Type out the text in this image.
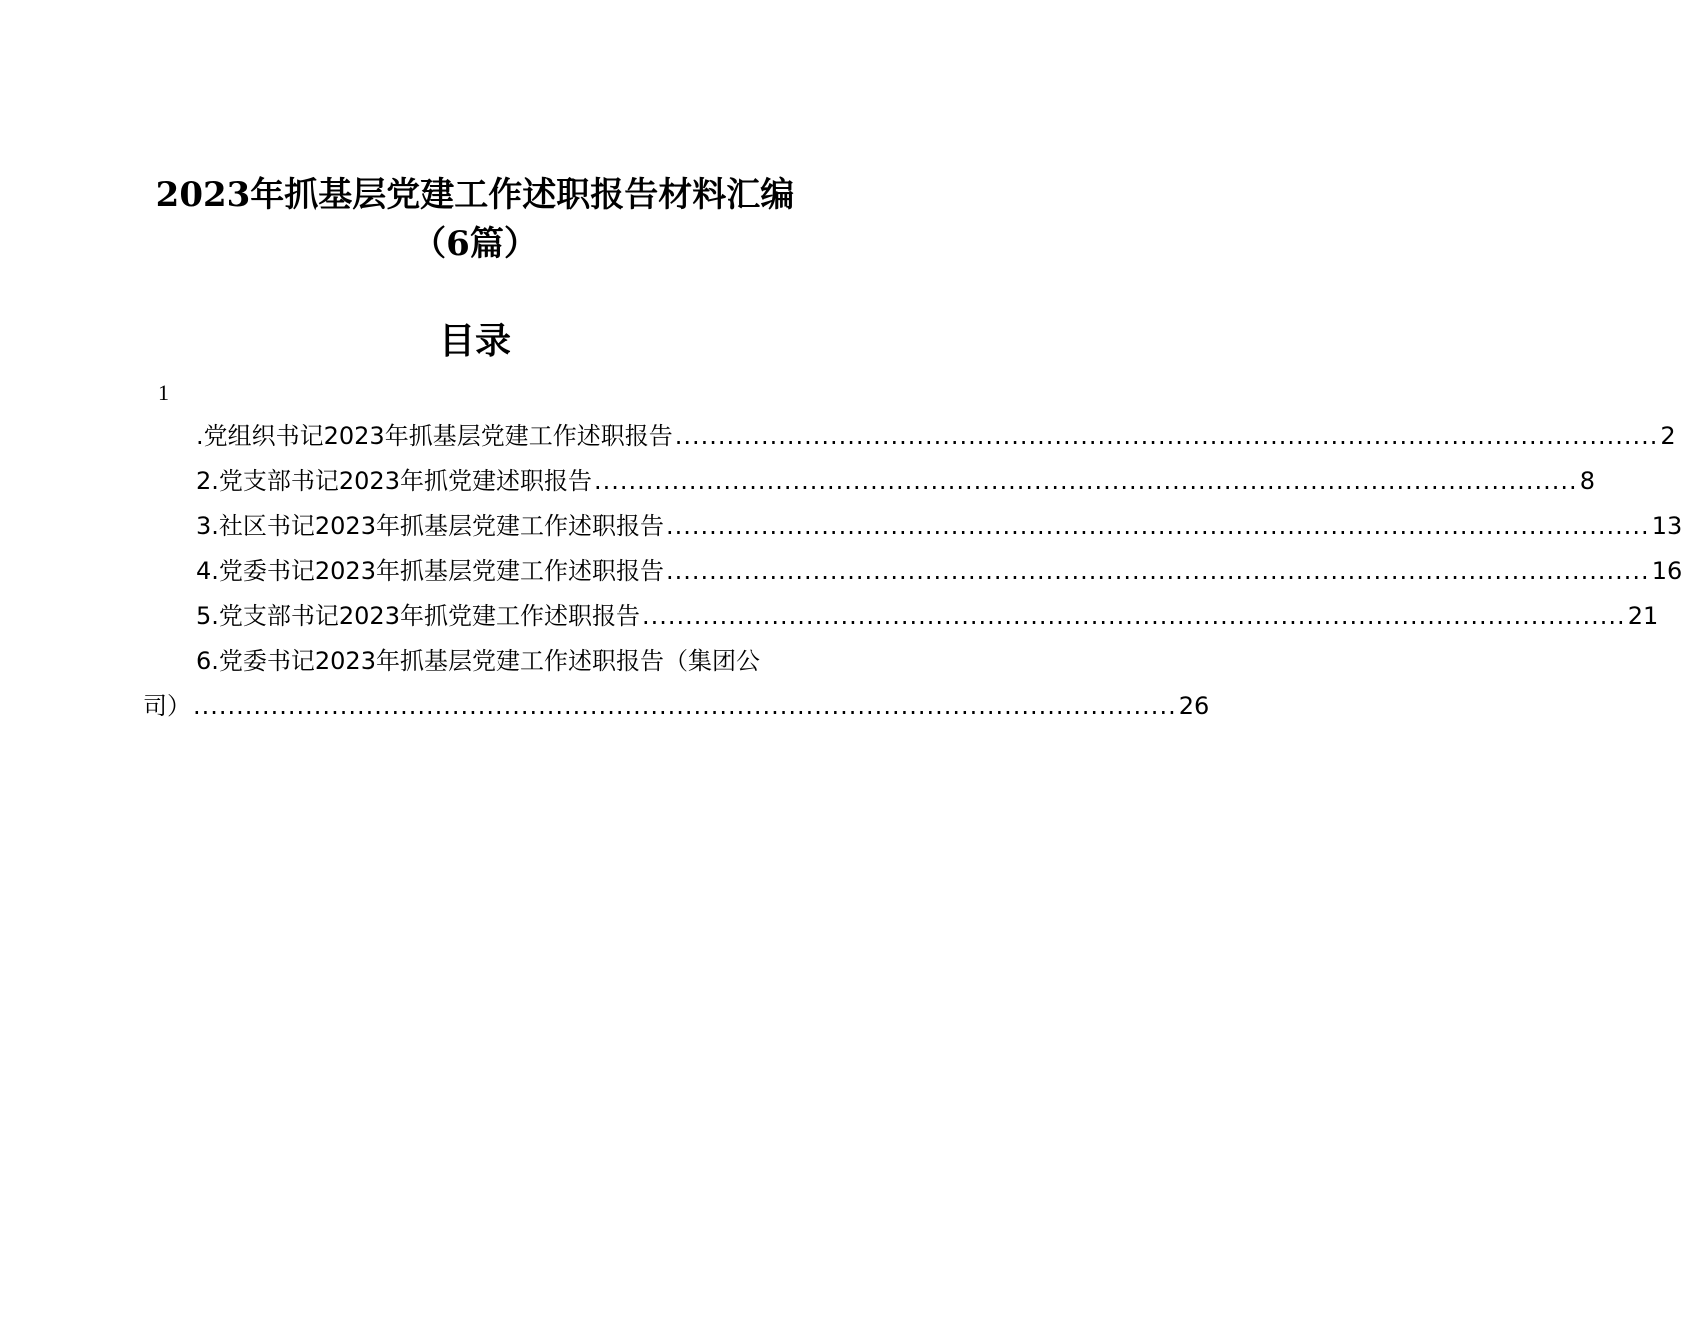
2023年抓基层党建工作述职报告材料汇编
（6篇）
目录
1
.党组织书记2023年抓基层党建工作述职报告 .................................................................................................................. 2
2.党支部书记2023年抓党建述职报告 .................................................................................................................. 8
3.社区书记2023年抓基层党建工作述职报告 .................................................................................................................. 13
4.党委书记2023年抓基层党建工作述职报告 .................................................................................................................. 16
5.党支部书记2023年抓党建工作述职报告 .................................................................................................................. 21
6.党委书记2023年抓基层党建工作述职报告（集团公
司） .................................................................................................................. 26
